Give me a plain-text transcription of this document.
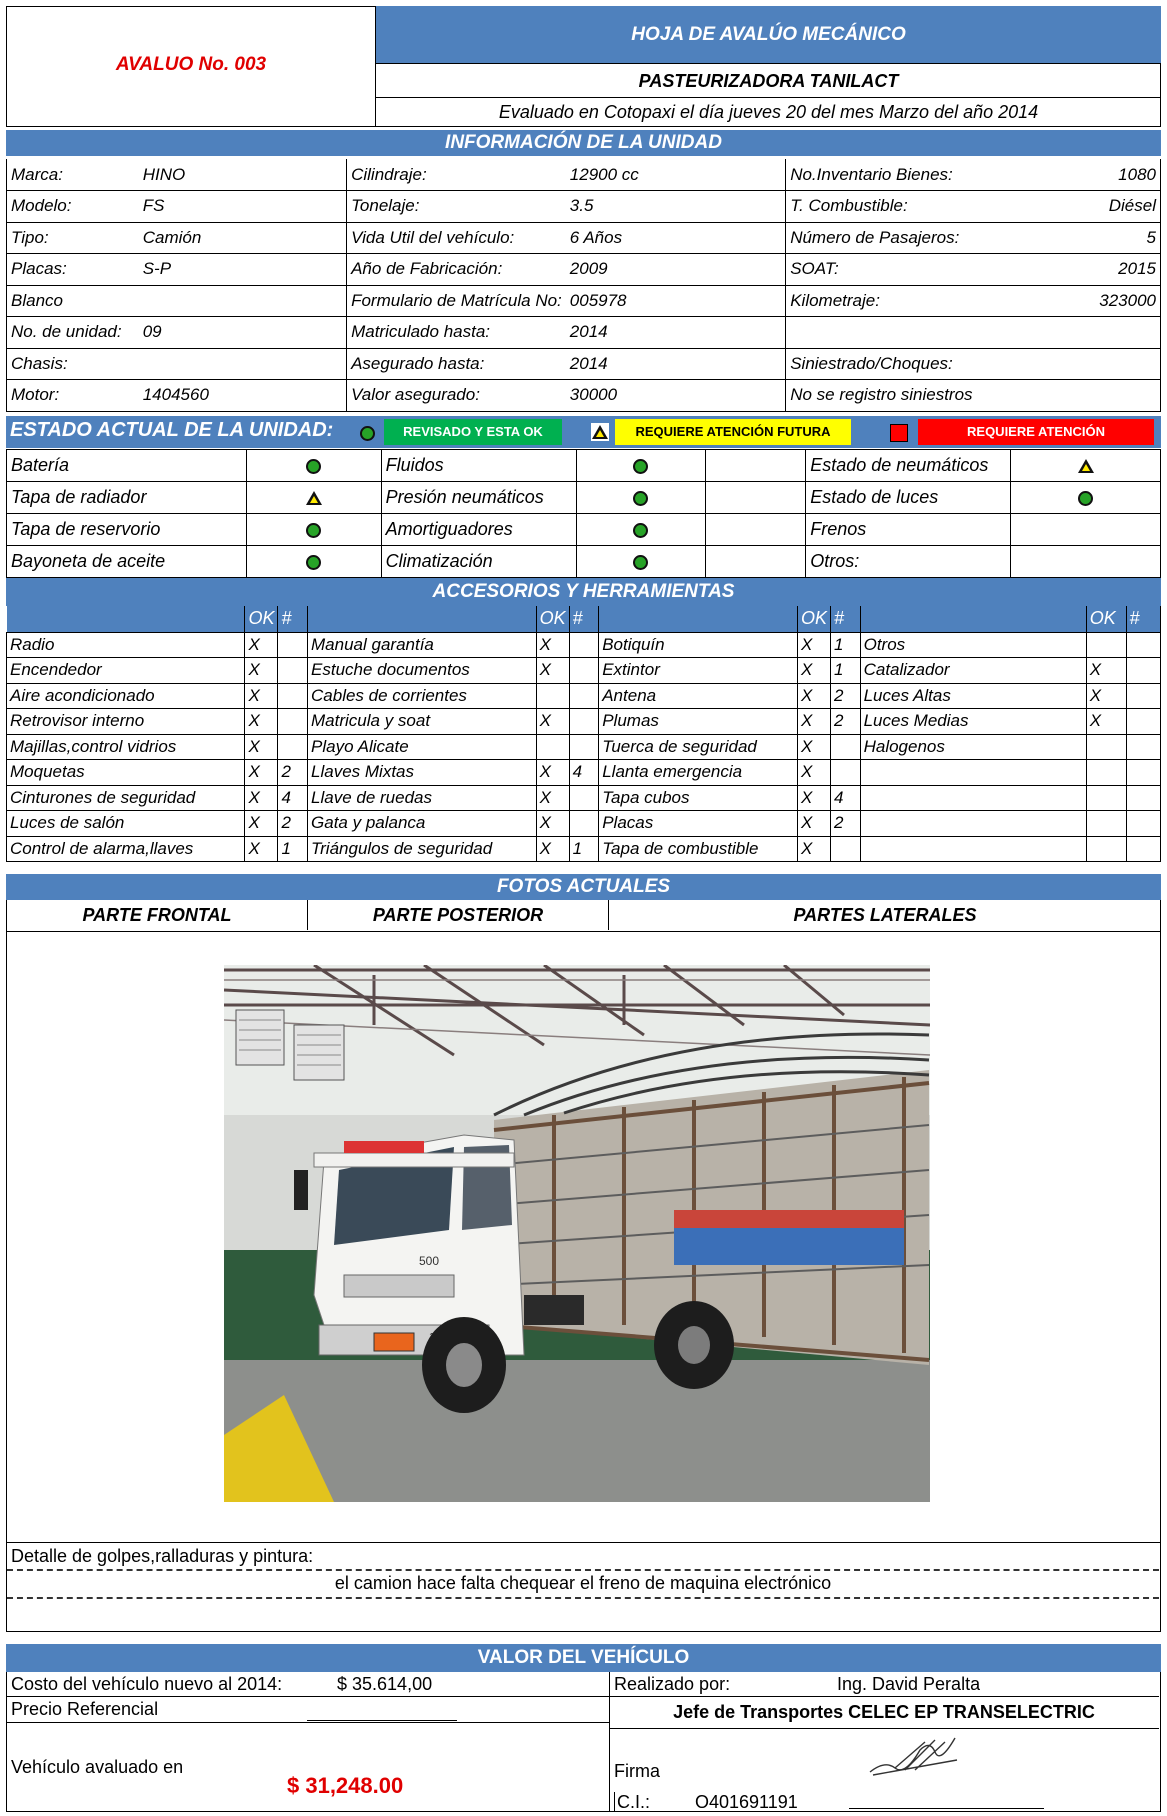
AVALUO No. 003
HOJA DE AVALÚO MECÁNICO
PASTEURIZADORA TANILACT
Evaluado en Cotopaxi el día jueves 20 del mes Marzo del año 2014
INFORMACIÓN DE LA UNIDAD
Marca:	HINO	Cilindraje:	12900 cc	No.Inventario Bienes:	1080
Modelo:	FS	Tonelaje:	3.5	T. Combustible:	Diésel
Tipo:	Camión	Vida Util del vehículo:	6 Años	Número de Pasajeros:	5
Placas:	S-P	Año de Fabricación:	2009	SOAT:	2015
Blanco		Formulario de Matrícula No:	005978	Kilometraje:	323000
No. de unidad:	09	Matriculado hasta:	2014		
Chasis:		Asegurado hasta:	2014	Siniestrado/Choques:	
Motor:	1404560	Valor asegurado:	30000	No se registro siniestros	
ESTADO ACTUAL DE LA UNIDAD:	REVISADO Y ESTA OK	REQUIERE ATENCIÓN FUTURA	REQUIERE ATENCIÓN
Batería		Fluidos			Estado de neumáticos	
Tapa de radiador		Presión neumáticos			Estado de luces	
Tapa de reservorio		Amortiguadores			Frenos	
Bayoneta de aceite		Climatización			Otros:	
ACCESORIOS Y HERRAMIENTAS
	OK	#		OK	#		OK	#		OK	#
Radio	X		Manual garantía	X		Botiquín	X	1	Otros		
Encendedor	X		Estuche documentos	X		Extintor	X	1	Catalizador	X	
Aire acondicionado	X		Cables de corrientes			Antena	X	2	Luces Altas	X	
Retrovisor interno	X		Matricula y soat	X		Plumas	X	2	Luces Medias	X	
Majillas,control vidrios	X		Playo Alicate			Tuerca de seguridad	X		Halogenos		
Moquetas	X	2	Llaves Mixtas	X	4	Llanta emergencia	X				
Cinturones de seguridad	X	4	Llave de ruedas	X		Tapa cubos	X	4			
Luces de salón	X	2	Gata y palanca	X		Placas	X	2			
Control de alarma,llaves	X	1	Triángulos de seguridad	X	1	Tapa de combustible	X				
FOTOS ACTUALES
PARTE FRONTAL	PARTE POSTERIOR	PARTES LATERALES
500
Detalle de golpes,ralladuras y pintura:
el camion hace falta chequear el freno de maquina electrónico
VALOR DEL VEHÍCULO
Costo del vehículo nuevo al 2014:	$ 35.614,00
Precio Referencial
Vehículo avaluado en
$ 31,248.00
Realizado por:	Ing. David Peralta
Jefe de Transportes CELEC EP TRANSELECTRIC
Firma
C.I.: O401691191
